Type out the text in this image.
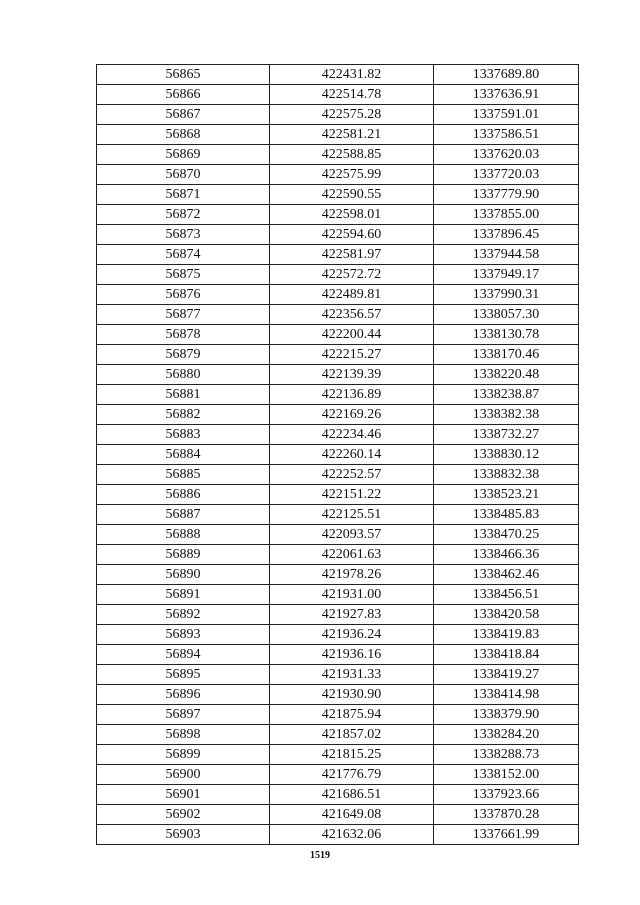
56865	422431.82	1337689.80
56866	422514.78	1337636.91
56867	422575.28	1337591.01
56868	422581.21	1337586.51
56869	422588.85	1337620.03
56870	422575.99	1337720.03
56871	422590.55	1337779.90
56872	422598.01	1337855.00
56873	422594.60	1337896.45
56874	422581.97	1337944.58
56875	422572.72	1337949.17
56876	422489.81	1337990.31
56877	422356.57	1338057.30
56878	422200.44	1338130.78
56879	422215.27	1338170.46
56880	422139.39	1338220.48
56881	422136.89	1338238.87
56882	422169.26	1338382.38
56883	422234.46	1338732.27
56884	422260.14	1338830.12
56885	422252.57	1338832.38
56886	422151.22	1338523.21
56887	422125.51	1338485.83
56888	422093.57	1338470.25
56889	422061.63	1338466.36
56890	421978.26	1338462.46
56891	421931.00	1338456.51
56892	421927.83	1338420.58
56893	421936.24	1338419.83
56894	421936.16	1338418.84
56895	421931.33	1338419.27
56896	421930.90	1338414.98
56897	421875.94	1338379.90
56898	421857.02	1338284.20
56899	421815.25	1338288.73
56900	421776.79	1338152.00
56901	421686.51	1337923.66
56902	421649.08	1337870.28
56903	421632.06	1337661.99
1519
